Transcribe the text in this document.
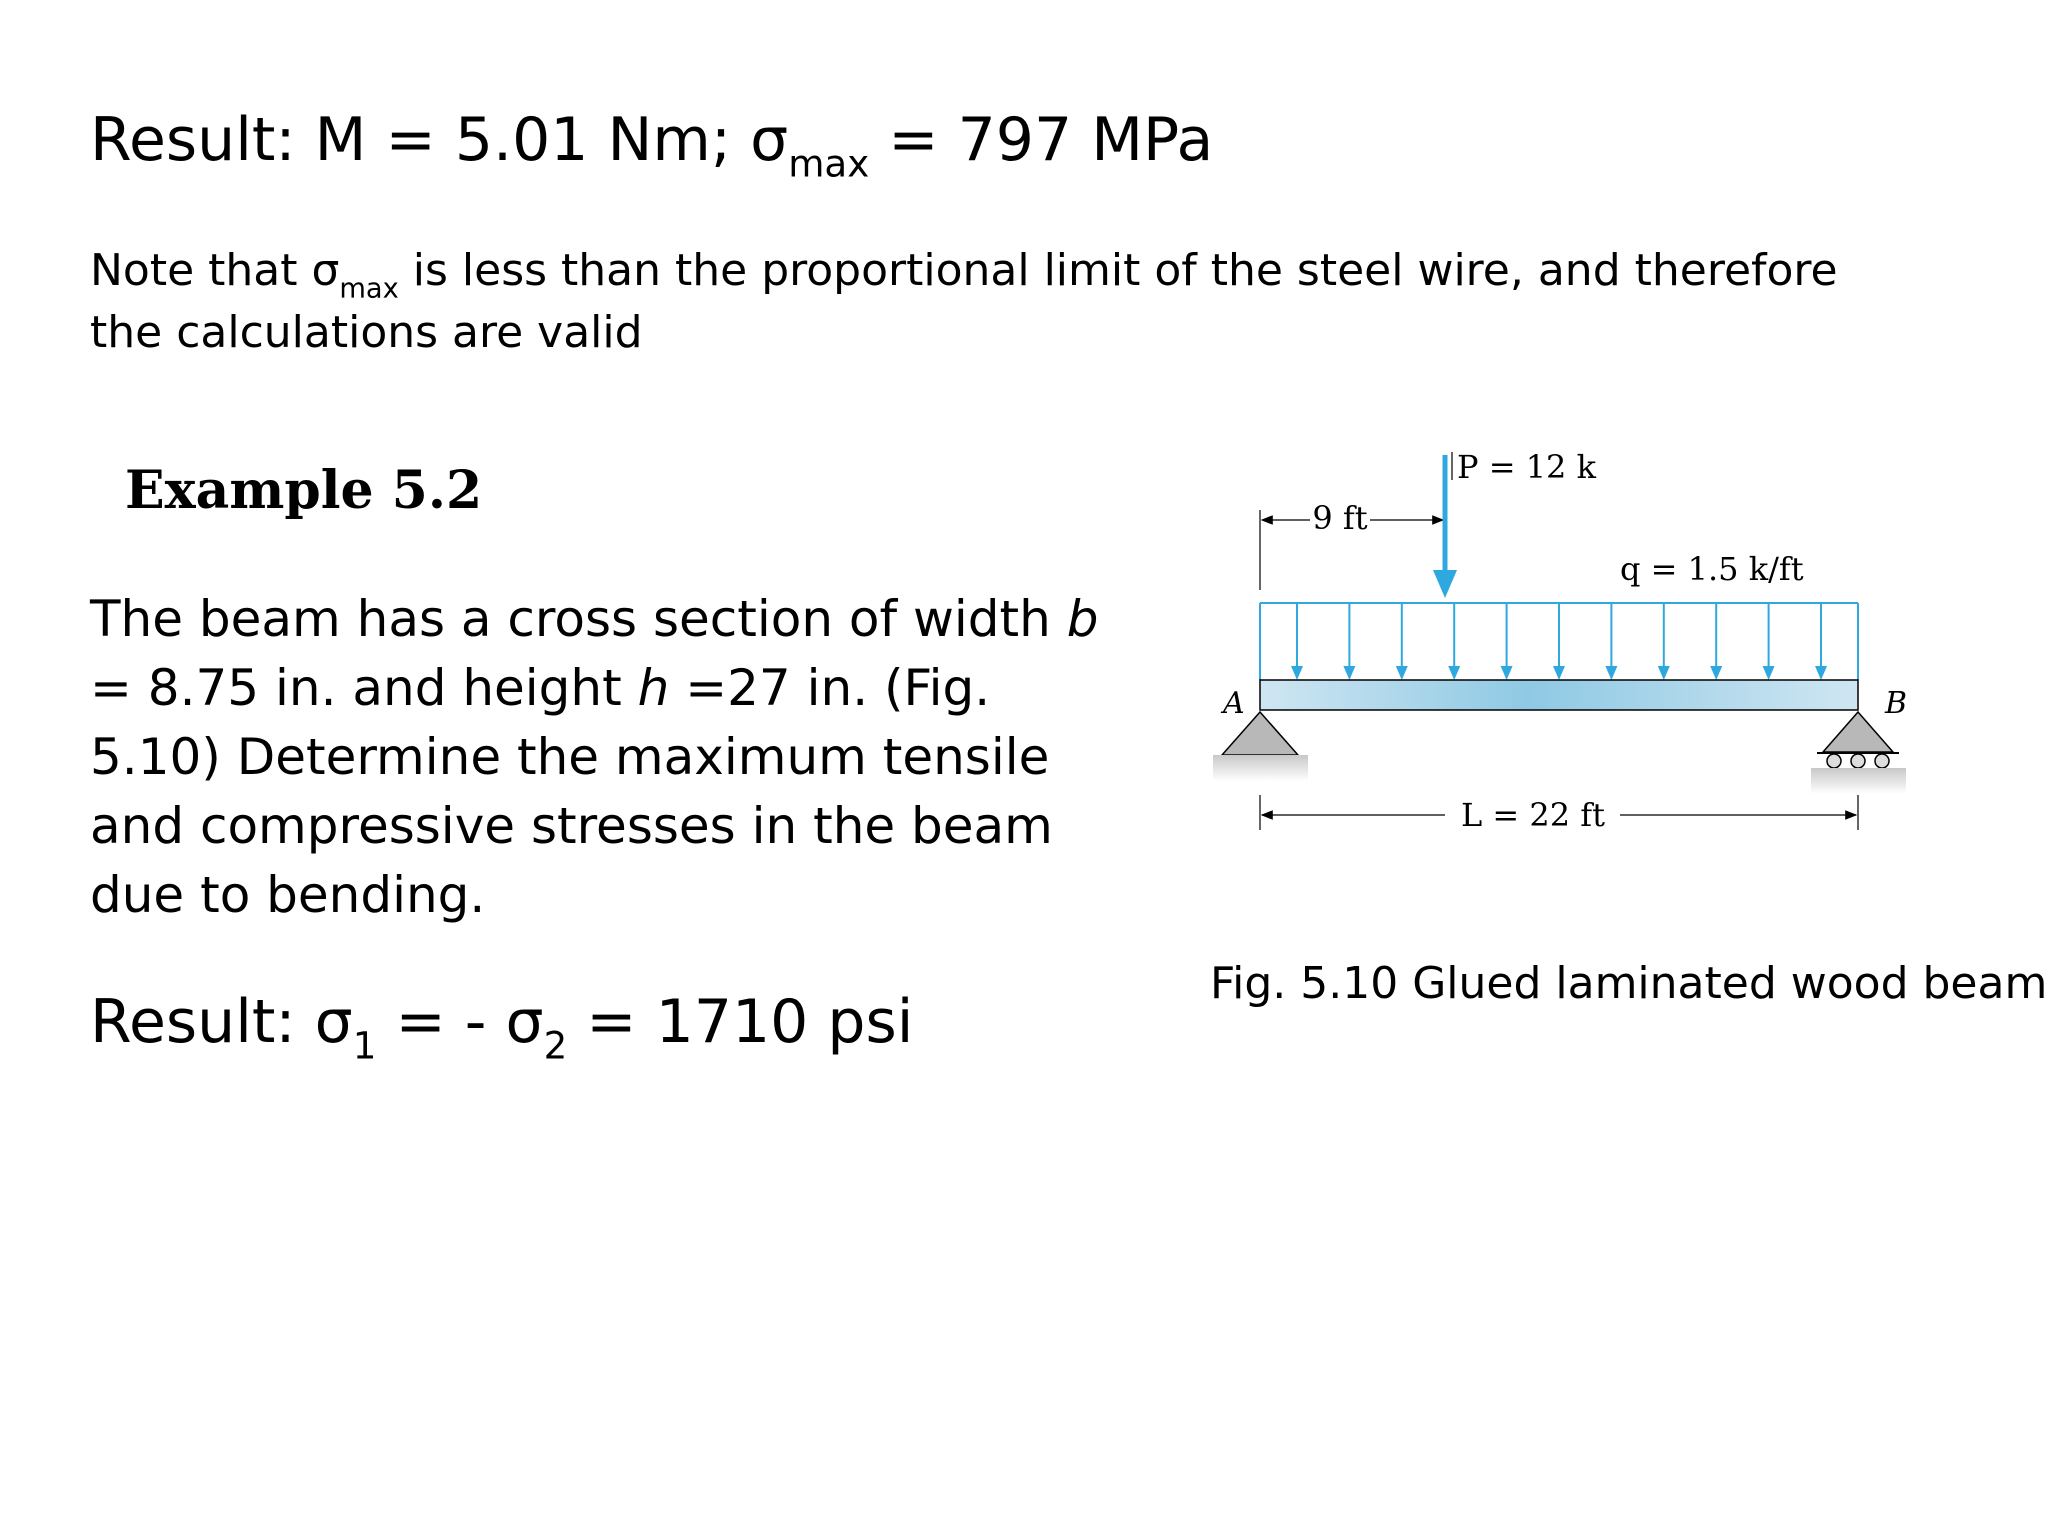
Result: M = 5.01 Nm; $\sigma_{max} = 797$ MPa
Note that $\sigma_{max}$ is less than the proportional limit of the steel wire, and therefore the calculations are valid
Example 5.2
The beam has a cross section of width b = 8.75 in. and height h =27 in. (Fig. 5.10) Determine the maximum tensile and compressive stresses in the beam due to bending.
Result: $\sigma_1$ = - $\sigma_2 = 1710$ psi
9 ft
P = 12 k
q = 1.5 k/ft
A	B
L = 22 ft
Fig. 5.10 Glued laminated wood beam
